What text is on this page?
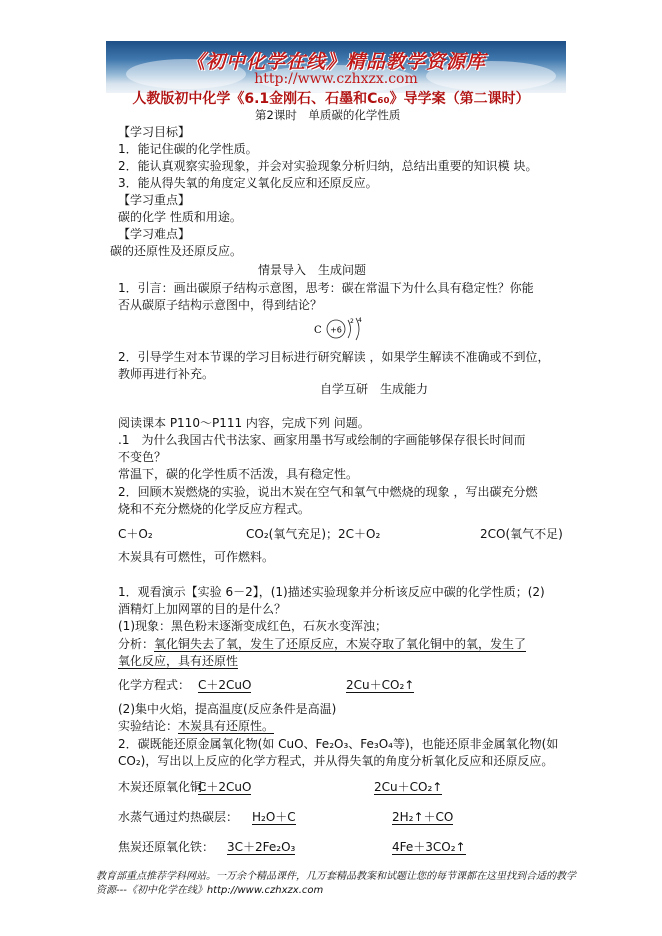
《初中化学在线》精品教学资源库
http://www.czhxzx.com
人教版初中化学《6.1金刚石、石墨和C₆₀》导学案（第二课时）
第2课时　单质碳的化学性质
【学习目标】
1．能记住碳的化学性质。
2．能认真观察实验现象，并会对实验现象分析归纳，总结出重要的知识模 块。
3．能从得失氧的角度定义氧化反应和还原反应。
【学习重点】
碳的化学 性质和用途。
【学习难点】
碳的还原性及还原反应。
情景导入　生成问题
1．引言：画出碳原子结构示意图，思考：碳在常温下为什么具有稳定性？你能
否从碳原子结构示意图中，得到结论？
C +6
2 4
2．引导学生对本节课的学习目标进行研究解读 ，如果学生解读不准确或不到位，
教师再进行补充。
自学互研　生成能力
阅读课本 P110～P111 内容，完成下列 问题。
.1　为什么我国古代书法家、画家用墨书写或绘制的字画能够保存很长时间而
不变色？
常温下，碳的化学性质不活泼，具有稳定性。
2．回顾木炭燃烧的实验，说出木炭在空气和氧气中燃烧的现象 ，写出碳充分燃
烧和不充分燃烧的化学反应方程式。
C＋O₂	CO₂(氧气充足)；2C＋O₂	2CO(氧气不足)
木炭具有可燃性，可作燃料。
1．观看演示【实验 6－2】，(1)描述实验现象并分析该反应中碳的化学性质；(2)
酒精灯上加网罩的目的是什么？
(1)现象：黑色粉末逐渐变成红色，石灰水变浑浊；
分析： 氧化铜失去了氧，发生了还原反应，木炭夺取了氧化铜中的氧，发生了
氧化反应，具有还原性
化学方程式： C＋2CuO	2Cu＋CO₂↑
(2)集中火焰，提高温度(反应条件是高温)
实验结论： 木炭具有还原性。
2．碳既能还原金属氧化物(如 CuO、Fe₂O₃、Fe₃O₄等)，也能还原非金属氧化物(如
CO₂)，写出以上反应的化学方程式，并从得失氧的角度分析氧化反应和还原反应。
木炭还原氧化铜：
C＋2CuO	2Cu＋CO₂↑
水蒸气通过灼热碳层： H₂O＋C	2H₂↑＋CO
焦炭还原氧化铁： 3C＋2Fe₂O₃	4Fe＋3CO₂↑
教育部重点推荐学科网站。一万余个精品课件，几万套精品教案和试题让您的每节课都在这里找到合适的教学
资源---《初中化学在线》http://www.czhxzx.com
